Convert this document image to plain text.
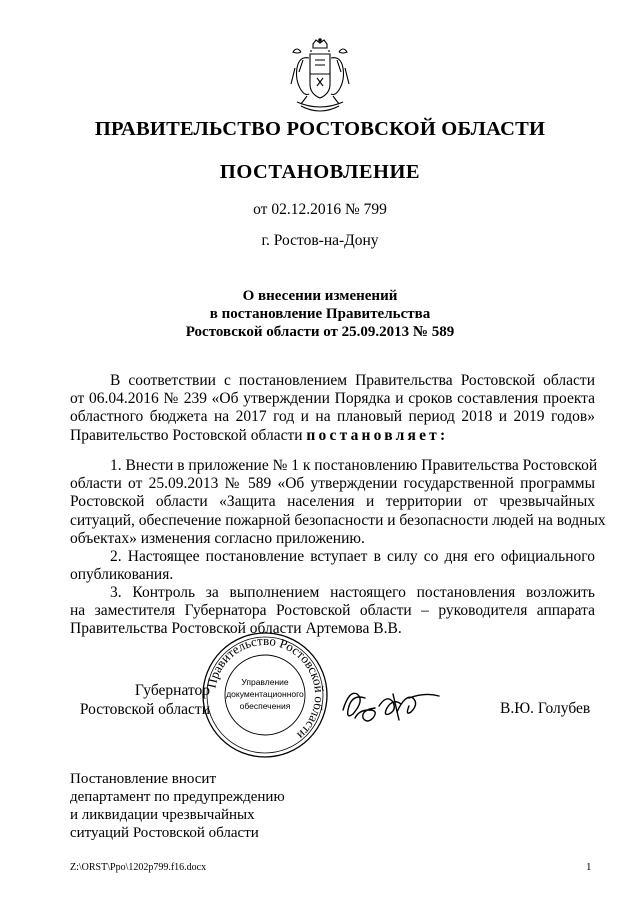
ПРАВИТЕЛЬСТВО РОСТОВСКОЙ ОБЛАСТИ
ПОСТАНОВЛЕНИЕ
от 02.12.2016 № 799
г. Ростов-на-Дону
О внесении изменений
в постановление Правительства
Ростовской области от 25.09.2013 № 589
В соответствии с постановлением Правительства Ростовской области
от 06.04.2016 № 239 «Об утверждении Порядка и сроков составления проекта
областного бюджета на 2017 год и на плановый период 2018 и 2019 годов»
Правительство Ростовской области постановляет:
1. Внести в приложение № 1 к постановлению Правительства Ростовской
области от 25.09.2013 № 589 «Об утверждении государственной программы
Ростовской области «Защита населения и территории от чрезвычайных
ситуаций, обеспечение пожарной безопасности и безопасности людей на водных
объектах» изменения согласно приложению.
2. Настоящее постановление вступает в силу со дня его официального
опубликования.
3. Контроль за выполнением настоящего постановления возложить
на заместителя Губернатора Ростовской области – руководителя аппарата
Правительства Ростовской области Артемова В.В.
Губернатор
Ростовской области
Правительство Ростовской области
Управление
документационного
обеспечения	В.Ю. Голубев
Постановление вносит
департамент по предупреждению
и ликвидации чрезвычайных
ситуаций Ростовской области
Z:\ORST\Ppo\1202p799.f16.docx	1
